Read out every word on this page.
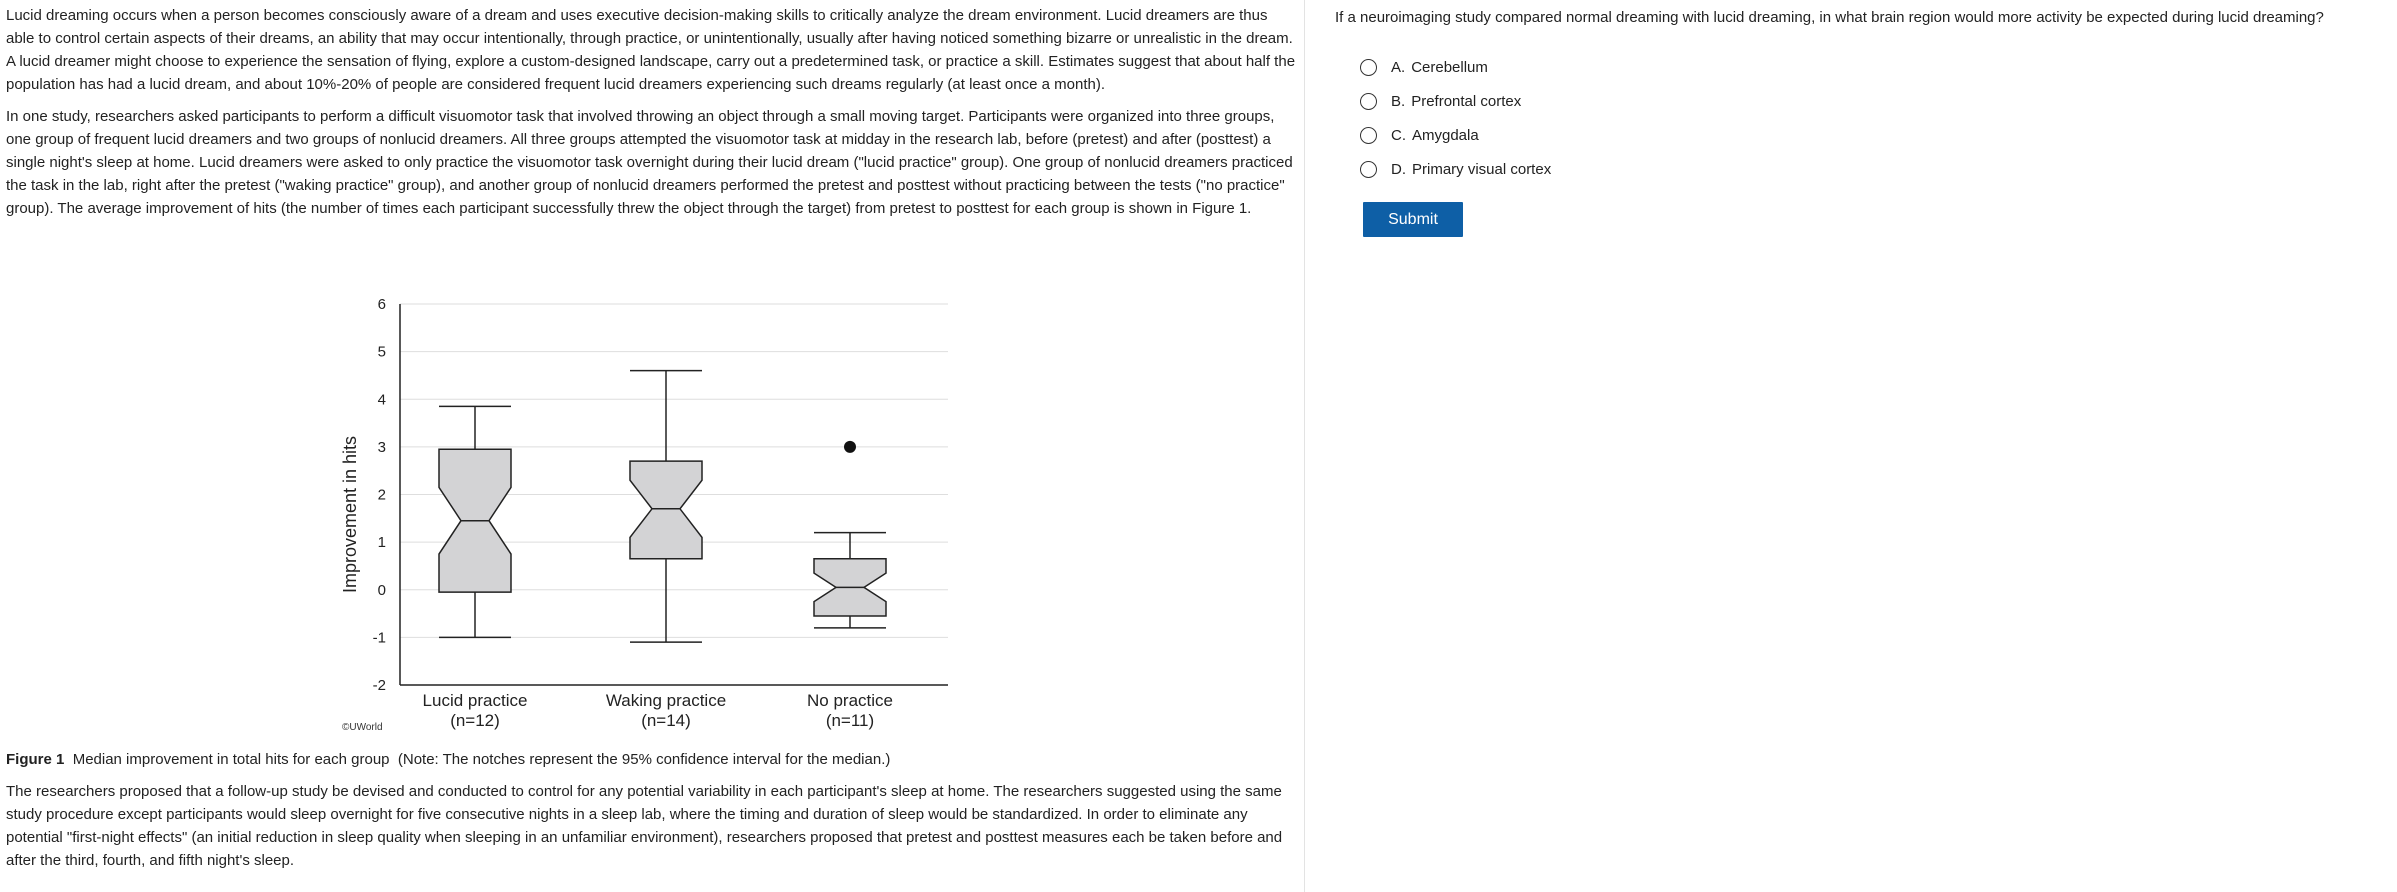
Lucid dreaming occurs when a person becomes consciously aware of a dream and uses executive decision-making skills to critically analyze the dream environment. Lucid dreamers are thus able to control certain aspects of their dreams, an ability that may occur intentionally, through practice, or unintentionally, usually after having noticed something bizarre or unrealistic in the dream. A lucid dreamer might choose to experience the sensation of flying, explore a custom-designed landscape, carry out a predetermined task, or practice a skill. Estimates suggest that about half the population has had a lucid dream, and about 10%-20% of people are considered frequent lucid dreamers experiencing such dreams regularly (at least once a month).

In one study, researchers asked participants to perform a difficult visuomotor task that involved throwing an object through a small moving target. Participants were organized into three groups, one group of frequent lucid dreamers and two groups of nonlucid dreamers. All three groups attempted the visuomotor task at midday in the research lab, before (pretest) and after (posttest) a single night's sleep at home. Lucid dreamers were asked to only practice the visuomotor task overnight during their lucid dream ("lucid practice" group). One group of nonlucid dreamers practiced the task in the lab, right after the pretest ("waking practice" group), and another group of nonlucid dreamers performed the pretest and posttest without practicing between the tests ("no practice" group). The average improvement of hits (the number of times each participant successfully threw the object through the target) from pretest to posttest for each group is shown in Figure 1.

6
5
4
3
2
1
0
-1
-2
Improvement in hits
©UWorld
Lucid practice
(n=12)
Waking practice
(n=14)
No practice
(n=11)
Figure 1  Median improvement in total hits for each group  (Note: The notches represent the 95% confidence interval for the median.)
The researchers proposed that a follow-up study be devised and conducted to control for any potential variability in each participant's sleep at home. The researchers suggested using the same study procedure except participants would sleep overnight for five consecutive nights in a sleep lab, where the timing and duration of sleep would be standardized. In order to eliminate any potential "first-night effects" (an initial reduction in sleep quality when sleeping in an unfamiliar environment), researchers proposed that pretest and posttest measures each be taken before and after the third, fourth, and fifth night's sleep.
If a neuroimaging study compared normal dreaming with lucid dreaming, in what brain region would more activity be expected during lucid dreaming?
A. Cerebellum
B. Prefrontal cortex
C. Amygdala
D. Primary visual cortex
Submit
